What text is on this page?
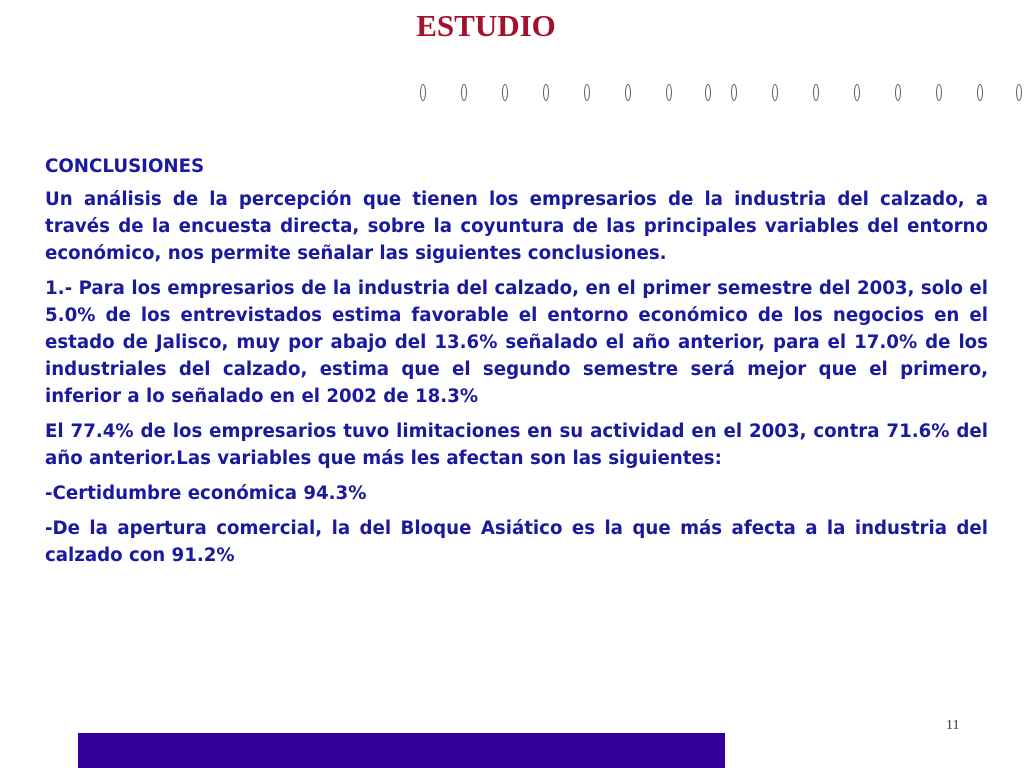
ESTUDIO

CONCLUSIONES

Un análisis de la percepción que tienen los empresarios de la industria del calzado, a través de la encuesta directa, sobre la coyuntura de las principales variables del entorno económico, nos permite señalar las siguientes conclusiones.

1.- Para los empresarios de la industria del calzado, en el primer semestre del 2003, solo el 5.0% de los entrevistados estima favorable el entorno económico de los negocios en el estado de Jalisco, muy por abajo del 13.6% señalado el año anterior, para el 17.0% de los industriales del calzado, estima que el segundo semestre será mejor que el primero, inferior a lo señalado en el 2002 de 18.3%

El 77.4% de los empresarios tuvo limitaciones en su actividad en el 2003, contra 71.6% del año anterior.Las variables que más les afectan son las siguientes:

-Certidumbre económica 94.3%

-De la apertura comercial, la del Bloque Asiático es la que más afecta a la industria del calzado con 91.2%

11
